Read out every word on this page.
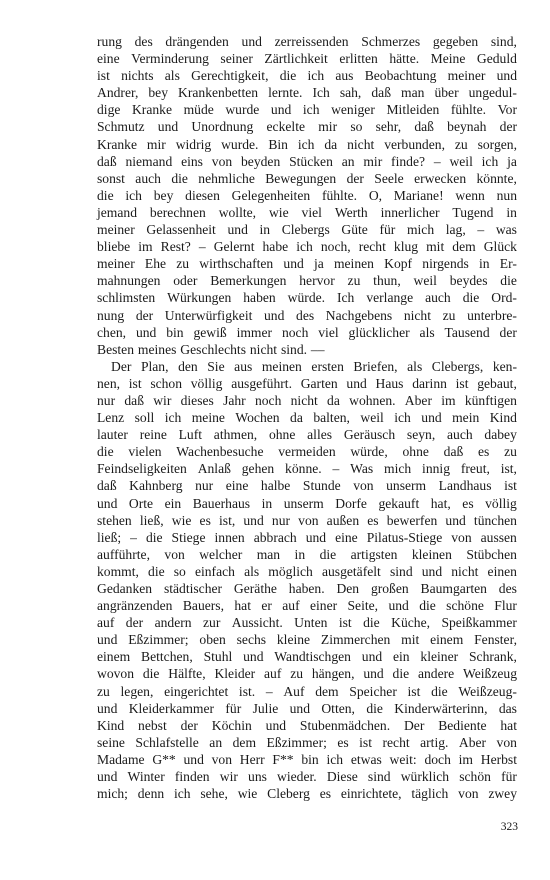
rung des drängenden und zerreissenden Schmerzes gegeben sind,
eine Verminderung seiner Zärtlichkeit erlitten hätte. Meine Geduld
ist nichts als Gerechtigkeit, die ich aus Beobachtung meiner und
Andrer, bey Krankenbetten lernte. Ich sah, daß man über ungedul-
dige Kranke müde wurde und ich weniger Mitleiden fühlte. Vor
Schmutz und Unordnung eckelte mir so sehr, daß beynah der
Kranke mir widrig wurde. Bin ich da nicht verbunden, zu sorgen,
daß niemand eins von beyden Stücken an mir finde? – weil ich ja
sonst auch die nehmliche Bewegungen der Seele erwecken könnte,
die ich bey diesen Gelegenheiten fühlte. O, Mariane! wenn nun
jemand berechnen wollte, wie viel Werth innerlicher Tugend in
meiner Gelassenheit und in Clebergs Güte für mich lag, – was
bliebe im Rest? – Gelernt habe ich noch, recht klug mit dem Glück
meiner Ehe zu wirthschaften und ja meinen Kopf nirgends in Er-
mahnungen oder Bemerkungen hervor zu thun, weil beydes die
schlimsten Würkungen haben würde. Ich verlange auch die Ord-
nung der Unterwürfigkeit und des Nachgebens nicht zu unterbre-
chen, und bin gewiß immer noch viel glücklicher als Tausend der
Besten meines Geschlechts nicht sind. ––
Der Plan, den Sie aus meinen ersten Briefen, als Clebergs, ken-
nen, ist schon völlig ausgeführt. Garten und Haus darinn ist gebaut,
nur daß wir dieses Jahr noch nicht da wohnen. Aber im künftigen
Lenz soll ich meine Wochen da balten, weil ich und mein Kind
lauter reine Luft athmen, ohne alles Geräusch seyn, auch dabey
die vielen Wachenbesuche vermeiden würde, ohne daß es zu
Feindseligkeiten Anlaß gehen könne. – Was mich innig freut, ist,
daß Kahnberg nur eine halbe Stunde von unserm Landhaus ist
und Orte ein Bauerhaus in unserm Dorfe gekauft hat, es völlig
stehen ließ, wie es ist, und nur von außen es bewerfen und tünchen
ließ; – die Stiege innen abbrach und eine Pilatus-Stiege von aussen
aufführte, von welcher man in die artigsten kleinen Stübchen
kommt, die so einfach als möglich ausgetäfelt sind und nicht einen
Gedanken städtischer Geräthe haben. Den großen Baumgarten des
angränzenden Bauers, hat er auf einer Seite, und die schöne Flur
auf der andern zur Aussicht. Unten ist die Küche, Speißkammer
und Eßzimmer; oben sechs kleine Zimmerchen mit einem Fenster,
einem Bettchen, Stuhl und Wandtischgen und ein kleiner Schrank,
wovon die Hälfte, Kleider auf zu hängen, und die andere Weißzeug
zu legen, eingerichtet ist. – Auf dem Speicher ist die Weißzeug-
und Kleiderkammer für Julie und Otten, die Kinderwärterinn, das
Kind nebst der Köchin und Stubenmädchen. Der Bediente hat
seine Schlafstelle an dem Eßzimmer; es ist recht artig. Aber von
Madame G** und von Herr F** bin ich etwas weit: doch im Herbst
und Winter finden wir uns wieder. Diese sind würklich schön für
mich; denn ich sehe, wie Cleberg es einrichtete, täglich von zwey
323
